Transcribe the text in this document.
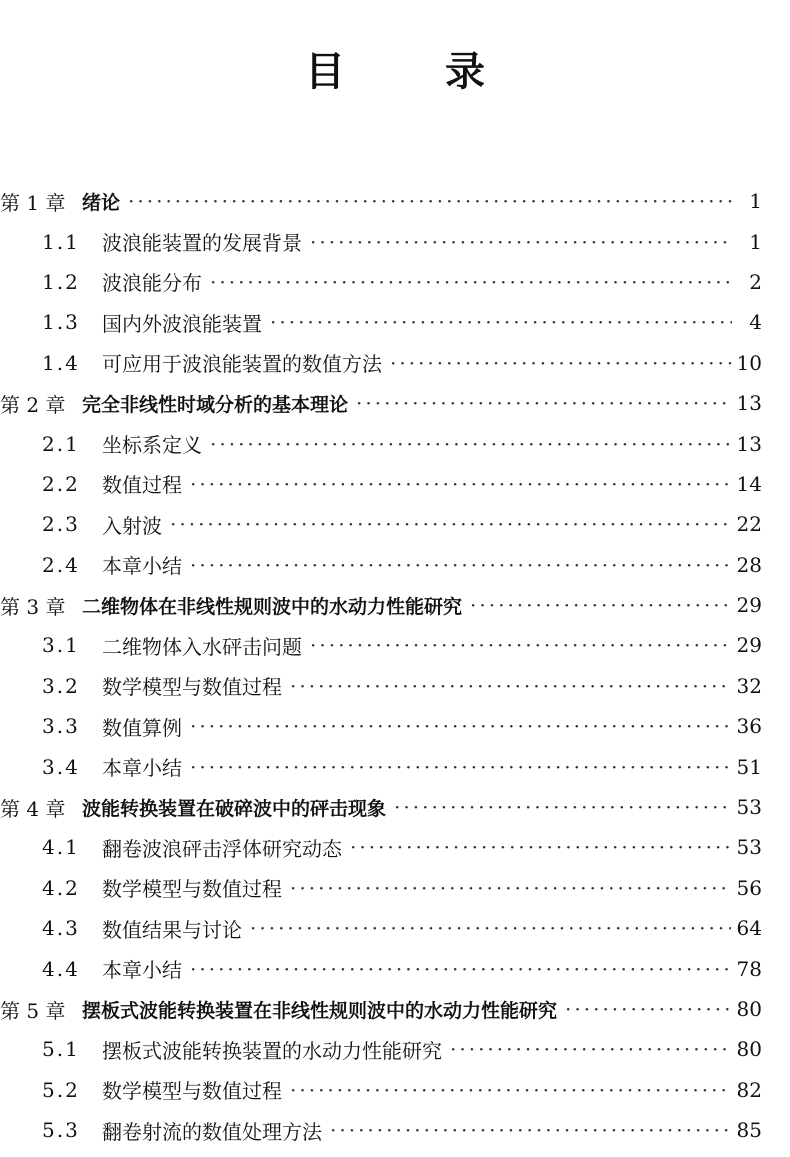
目	录
第 1 章 绪论 ·····	1
1.1	波浪能装置的发展背景 ·····	1
1.2	波浪能分布 ·····	2
1.3	国内外波浪能装置 ·····	4
1.4	可应用于波浪能装置的数值方法 ·····	10
第 2 章 完全非线性时域分析的基本理论 ·····	13
2.1	坐标系定义 ·····	13
2.2	数值过程 ·····	14
2.3	入射波 ·····	22
2.4	本章小结 ·····	28
第 3 章 二维物体在非线性规则波中的水动力性能研究 ·····	29
3.1	二维物体入水砰击问题 ·····	29
3.2	数学模型与数值过程 ·····	32
3.3	数值算例 ·····	36
3.4	本章小结 ·····	51
第 4 章 波能转换装置在破碎波中的砰击现象 ·····	53
4.1	翻卷波浪砰击浮体研究动态 ·····	53
4.2	数学模型与数值过程 ·····	56
4.3	数值结果与讨论 ·····	64
4.4	本章小结 ·····	78
第 5 章 摆板式波能转换装置在非线性规则波中的水动力性能研究 ·····	80
5.1	摆板式波能转换装置的水动力性能研究 ·····	80
5.2	数学模型与数值过程 ·····	82
5.3	翻卷射流的数值处理方法 ·····	85
